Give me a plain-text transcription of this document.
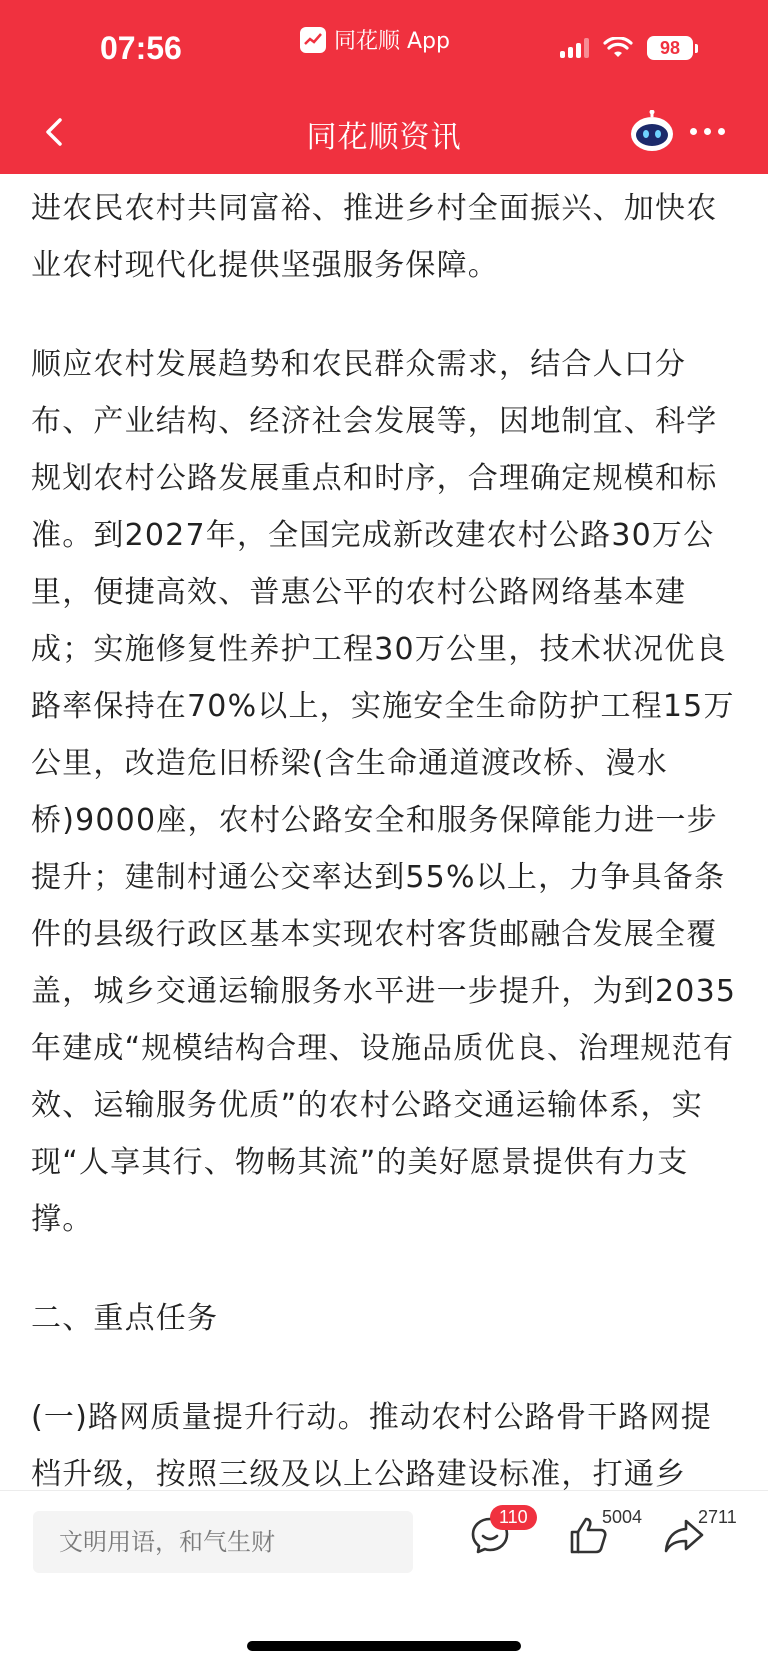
07:56	同花顺 App	98
同花顺资讯

进农民农村共同富裕、推进乡村全面振兴、加快农业农村现代化提供坚强服务保障。

顺应农村发展趋势和农民群众需求，结合人口分布、产业结构、经济社会发展等，因地制宜、科学规划农村公路发展重点和时序，合理确定规模和标准。到2027年，全国完成新改建农村公路30万公里，便捷高效、普惠公平的农村公路网络基本建成；实施修复性养护工程30万公里，技术状况优良路率保持在70%以上，实施安全生命防护工程15万公里，改造危旧桥梁(含生命通道渡改桥、漫水桥)9000座，农村公路安全和服务保障能力进一步提升；建制村通公交率达到55%以上，力争具备条件的县级行政区基本实现农村客货邮融合发展全覆盖，城乡交通运输服务水平进一步提升，为到2035年建成“规模结构合理、设施品质优良、治理规范有效、运输服务优质”的农村公路交通运输体系，实现“人享其行、物畅其流”的美好愿景提供有力支撑。

二、重点任务

(一)路网质量提升行动。推动农村公路骨干路网提档升级，按照三级及以上公路建设标准，打通乡

文明用语，和气生财
110	5004	2711
